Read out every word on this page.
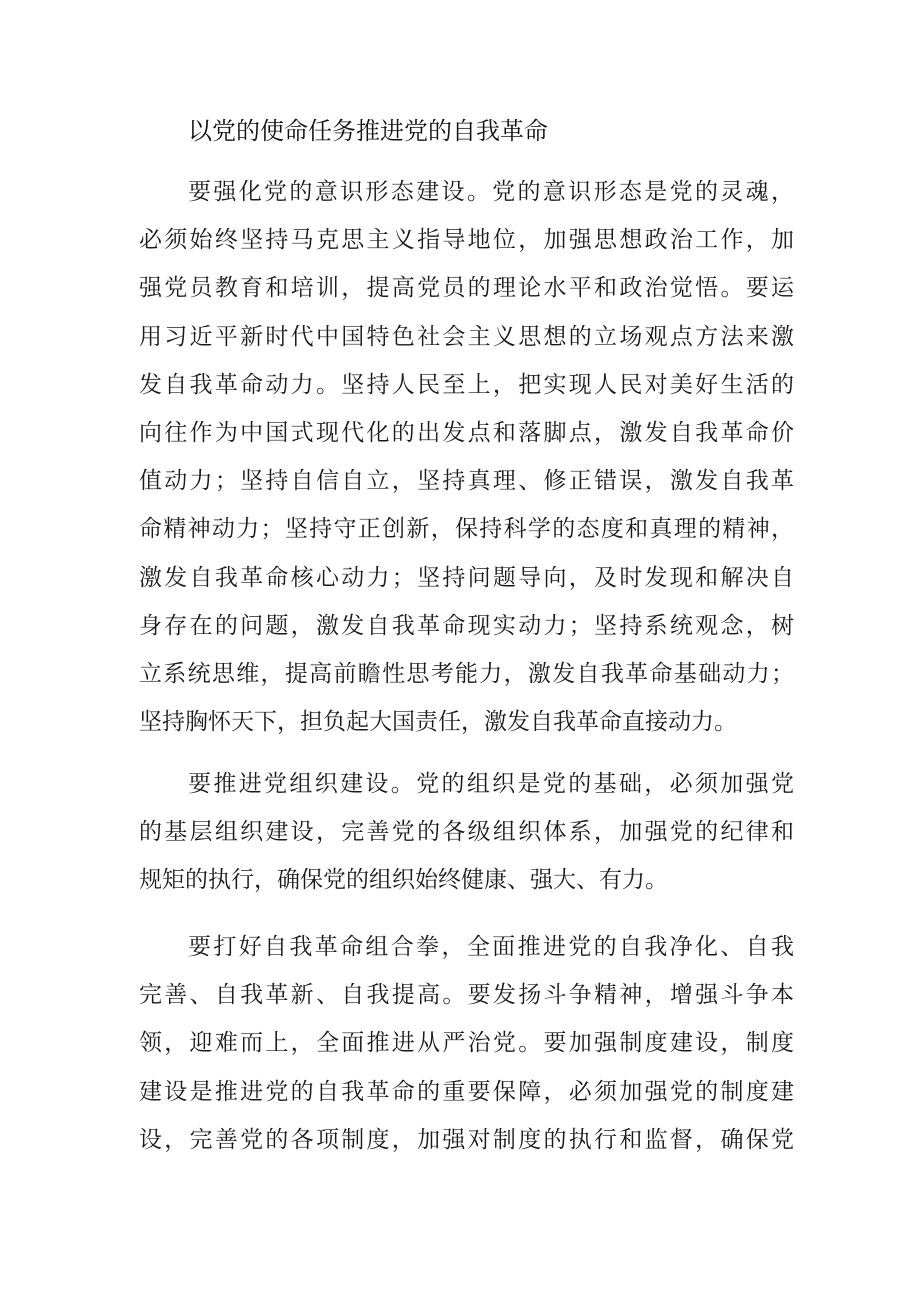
以党的使命任务推进党的自我革命

要强化党的意识形态建设。党的意识形态是党的灵魂，
必须始终坚持马克思主义指导地位，加强思想政治工作，加
强党员教育和培训，提高党员的理论水平和政治觉悟。要运
用习近平新时代中国特色社会主义思想的立场观点方法来激
发自我革命动力。坚持人民至上，把实现人民对美好生活的
向往作为中国式现代化的出发点和落脚点，激发自我革命价
值动力；坚持自信自立，坚持真理、修正错误，激发自我革
命精神动力；坚持守正创新，保持科学的态度和真理的精神，
激发自我革命核心动力；坚持问题导向，及时发现和解决自
身存在的问题，激发自我革命现实动力；坚持系统观念，树
立系统思维，提高前瞻性思考能力，激发自我革命基础动力；
坚持胸怀天下，担负起大国责任，激发自我革命直接动力。

要推进党组织建设。党的组织是党的基础，必须加强党
的基层组织建设，完善党的各级组织体系，加强党的纪律和
规矩的执行，确保党的组织始终健康、强大、有力。

要打好自我革命组合拳，全面推进党的自我净化、自我
完善、自我革新、自我提高。要发扬斗争精神，增强斗争本
领，迎难而上，全面推进从严治党。要加强制度建设，制度
建设是推进党的自我革命的重要保障，必须加强党的制度建
设，完善党的各项制度，加强对制度的执行和监督，确保党
